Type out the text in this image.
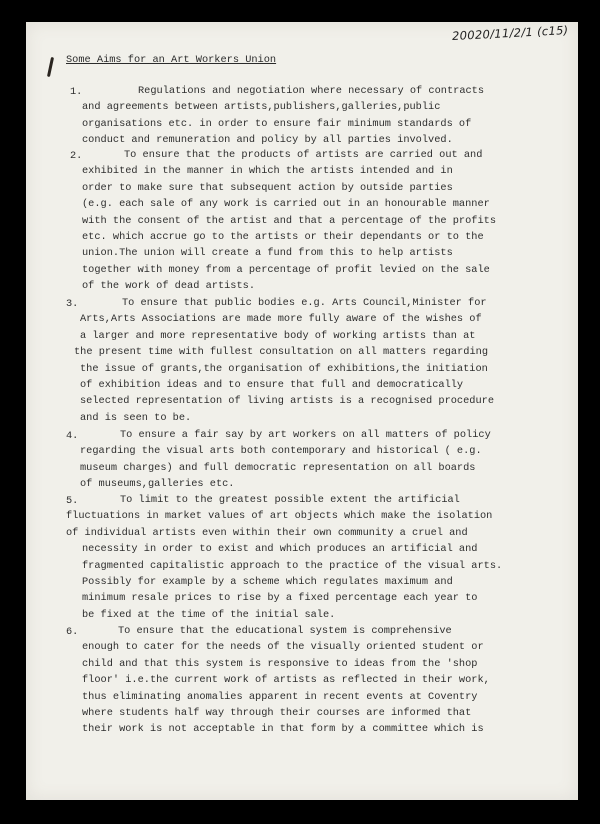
20020/11/2/1 (c15)
Some Aims for an Art Workers Union
1.	Regulations and negotiation where necessary of contracts
and agreements between artists,publishers,galleries,public
organisations etc. in order to ensure fair minimum standards of
conduct and remuneration and policy by all parties involved.
2.	To ensure that the products of artists are carried out and
exhibited in the manner in which the artists intended and in
order to make sure that subsequent action by outside parties
(e.g. each sale of any work is carried out in an honourable manner
with the consent of the artist and that a percentage of the profits
etc. which accrue go to the artists or their dependants or to the
union.The union will create a fund from this to help artists
together with money from a percentage of profit levied on the sale
of the work of dead artists.
3.	To ensure that public bodies e.g. Arts Council,Minister for
Arts,Arts Associations are made more fully aware of the wishes of
a larger and more representative body of working artists than at
the present time with fullest consultation on all matters regarding
the issue of grants,the organisation of exhibitions,the initiation
of exhibition ideas and to ensure that full and democratically
selected representation of living artists is a recognised procedure
and is seen to be.
4.	To ensure a fair say by art workers on all matters of policy
regarding the visual arts both contemporary and historical ( e.g.
museum charges) and full democratic representation on all boards
of museums,galleries etc.
5.	To limit to the greatest possible extent the artificial
fluctuations in market values of art objects which make the isolation
of individual artists even within their own community a cruel and
necessity in order to exist and which produces an artificial and
fragmented capitalistic approach to the practice of the visual arts.
Possibly for example by a scheme which regulates maximum and
minimum resale prices to rise by a fixed percentage each year to
be fixed at the time of the initial sale.
6.	To ensure that the educational system is comprehensive
enough to cater for the needs of the visually oriented student or
child and that this system is responsive to ideas from the 'shop
floor' i.e.the current work of artists as reflected in their work,
thus eliminating anomalies apparent in recent events at Coventry
where students half way through their courses are informed that
their work is not acceptable in that form by a committee which is
